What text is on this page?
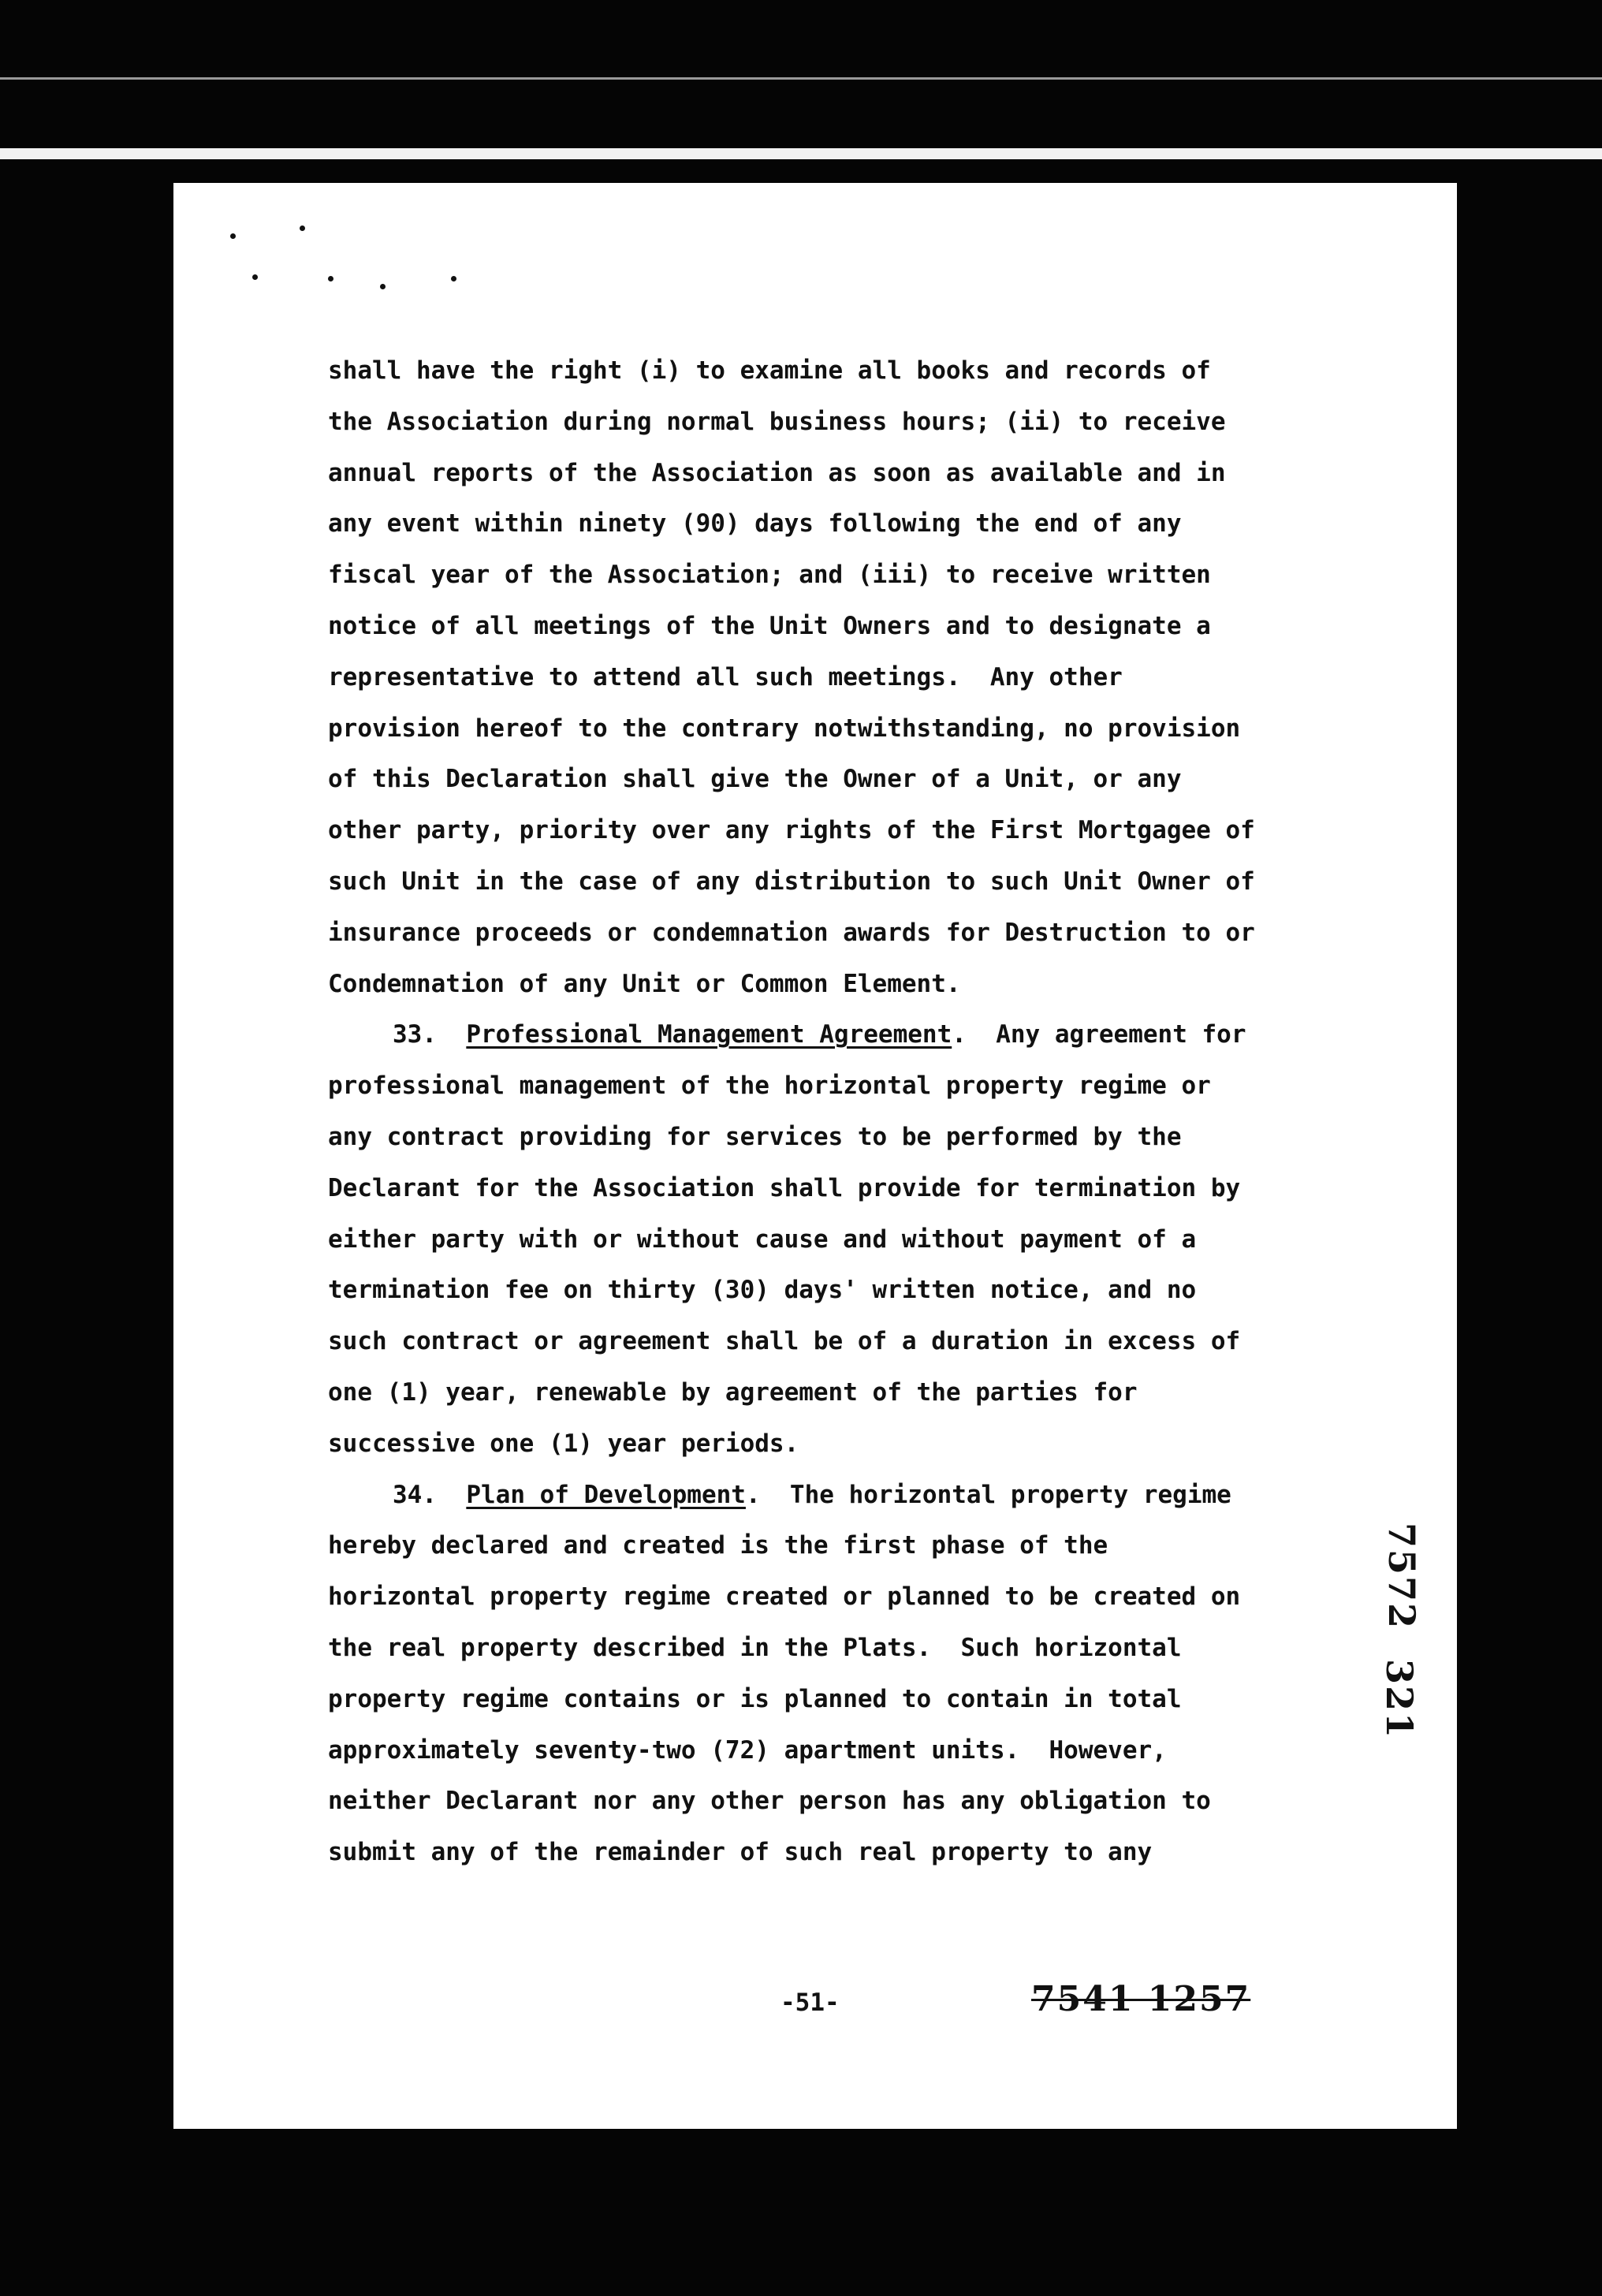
shall have the right (i) to examine all books and records of
the Association during normal business hours; (ii) to receive
annual reports of the Association as soon as available and in
any event within ninety (90) days following the end of any
fiscal year of the Association; and (iii) to receive written
notice of all meetings of the Unit Owners and to designate a
representative to attend all such meetings.  Any other
provision hereof to the contrary notwithstanding, no provision
of this Declaration shall give the Owner of a Unit, or any
other party, priority over any rights of the First Mortgagee of
such Unit in the case of any distribution to such Unit Owner of
insurance proceeds or condemnation awards for Destruction to or
Condemnation of any Unit or Common Element.
33. Professional Management Agreement.  Any agreement for
professional management of the horizontal property regime or
any contract providing for services to be performed by the
Declarant for the Association shall provide for termination by
either party with or without cause and without payment of a
termination fee on thirty (30) days' written notice, and no
such contract or agreement shall be of a duration in excess of
one (1) year, renewable by agreement of the parties for
successive one (1) year periods.
34. Plan of Development.  The horizontal property regime
hereby declared and created is the first phase of the
horizontal property regime created or planned to be created on
the real property described in the Plats.  Such horizontal
property regime contains or is planned to contain in total
approximately seventy-two (72) apartment units.  However,
neither Declarant nor any other person has any obligation to
submit any of the remainder of such real property to any
-51-	7541 1257
7572
321
